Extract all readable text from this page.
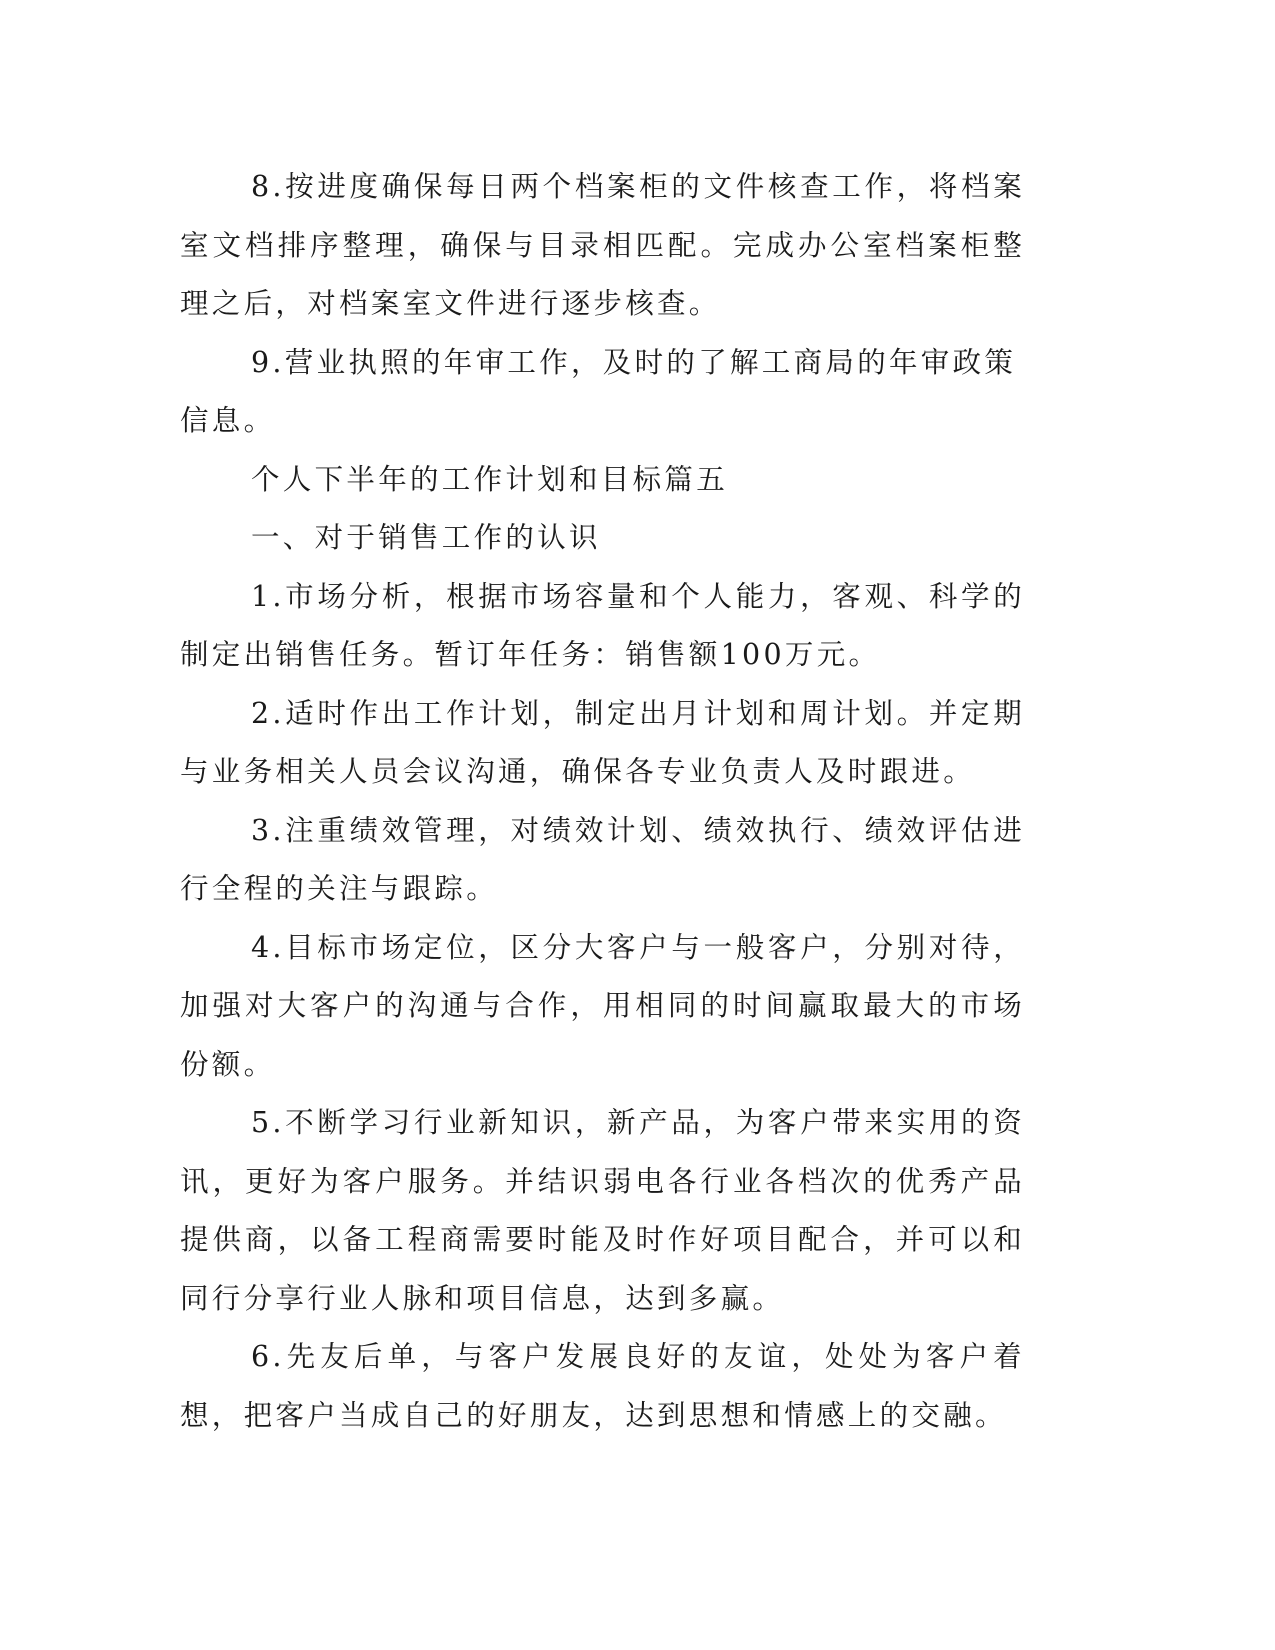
8.按进度确保每日两个档案柜的文件核查工作，将档案室文档排序整理，确保与目录相匹配。完成办公室档案柜整理之后，对档案室文件进行逐步核查。

9.营业执照的年审工作，及时的了解工商局的年审政策信息。

个人下半年的工作计划和目标篇五

一、对于销售工作的认识

1.市场分析，根据市场容量和个人能力，客观、科学的制定出销售任务。暂订年任务：销售额100万元。

2.适时作出工作计划，制定出月计划和周计划。并定期与业务相关人员会议沟通，确保各专业负责人及时跟进。

3.注重绩效管理，对绩效计划、绩效执行、绩效评估进行全程的关注与跟踪。

4.目标市场定位，区分大客户与一般客户，分别对待，加强对大客户的沟通与合作，用相同的时间赢取最大的市场份额。

5.不断学习行业新知识，新产品，为客户带来实用的资讯，更好为客户服务。并结识弱电各行业各档次的优秀产品提供商，以备工程商需要时能及时作好项目配合，并可以和同行分享行业人脉和项目信息，达到多赢。

6.先友后单，与客户发展良好的友谊，处处为客户着想，把客户当成自己的好朋友，达到思想和情感上的交融。
